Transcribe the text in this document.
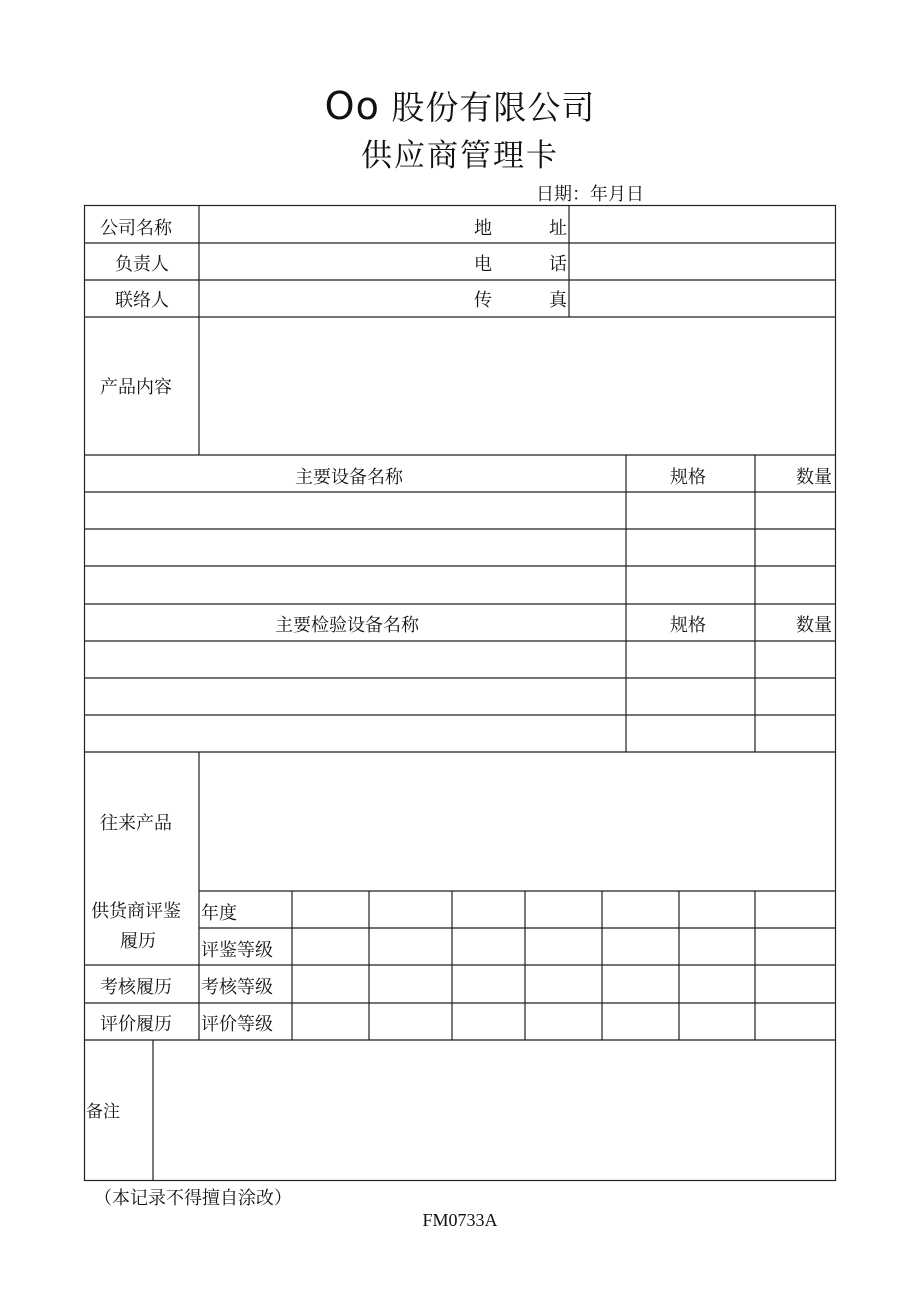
Oo 股份有限公司
供应商管理卡
日期：年月日
公司名称	地	址
负责人	电	话
联络人	传	真
产品内容
主要设备名称	规格	数量
主要检验设备名称	规格	数量
往来产品
供货商评鉴
履历
年度
评鉴等级
考核履历 考核等级
评价履历 评价等级
备注
（本记录不得擅自涂改）
FM0733A
